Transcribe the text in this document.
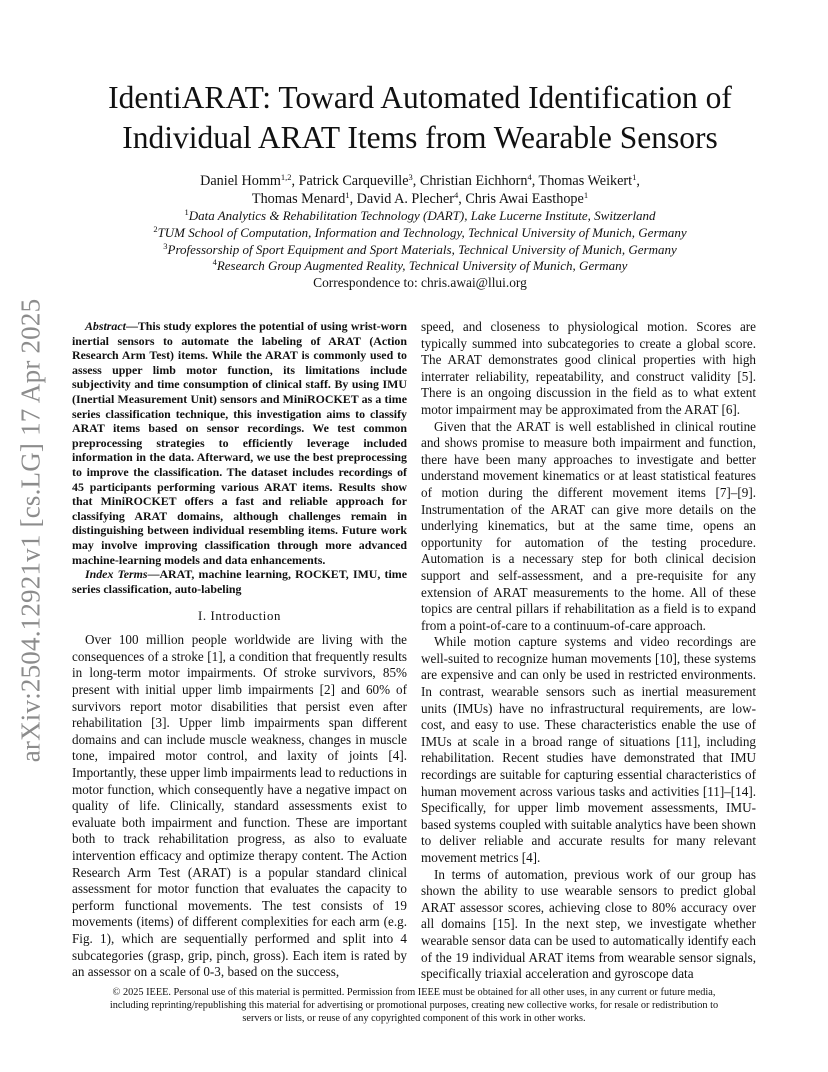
arXiv:2504.12921v1 [cs.LG] 17 Apr 2025
IdentiARAT: Toward Automated Identification of
Individual ARAT Items from Wearable Sensors
Daniel Homm$^{1,2}$, Patrick Carqueville$^3$, Christian Eichhorn$^4$, Thomas Weikert$^1$,
Thomas Menard$^1$, David A. Plecher$^4$, Chris Awai Easthope$^1$
$^1$Data Analytics & Rehabilitation Technology (DART), Lake Lucerne Institute, Switzerland
$^2$TUM School of Computation, Information and Technology, Technical University of Munich, Germany
$^3$Professorship of Sport Equipment and Sport Materials, Technical University of Munich, Germany
$^4$Research Group Augmented Reality, Technical University of Munich, Germany
Correspondence to: chris.awai@llui.org

Abstract—This study explores the potential of using wrist-worn inertial sensors to automate the labeling of ARAT (Action Research Arm Test) items. While the ARAT is commonly used to assess upper limb motor function, its limitations include subjectivity and time consumption of clinical staff. By using IMU (Inertial Measurement Unit) sensors and MiniROCKET as a time series classification technique, this investigation aims to classify ARAT items based on sensor recordings. We test common preprocessing strategies to efficiently leverage included information in the data. Afterward, we use the best preprocessing to improve the classification. The dataset includes recordings of 45 participants performing various ARAT items. Results show that MiniROCKET offers a fast and reliable approach for classifying ARAT domains, although challenges remain in distinguishing between individual resembling items. Future work may involve improving classification through more advanced machine-learning models and data enhancements.

Index Terms—ARAT, machine learning, ROCKET, IMU, time series classification, auto-labeling

I. Introduction

Over 100 million people worldwide are living with the consequences of a stroke [1], a condition that frequently results in long-term motor impairments. Of stroke survivors, 85% present with initial upper limb impairments [2] and 60% of survivors report motor disabilities that persist even after rehabilitation [3]. Upper limb impairments span different domains and can include muscle weakness, changes in muscle tone, impaired motor control, and laxity of joints [4]. Importantly, these upper limb impairments lead to reductions in motor function, which consequently have a negative impact on quality of life. Clinically, standard assessments exist to evaluate both impairment and function. These are important both to track rehabilitation progress, as also to evaluate intervention efficacy and optimize therapy content. The Action Research Arm Test (ARAT) is a popular standard clinical assessment for motor function that evaluates the capacity to perform functional movements. The test consists of 19 movements (items) of different complexities for each arm (e.g. Fig. 1), which are sequentially performed and split into 4 subcategories (grasp, grip, pinch, gross). Each item is rated by an assessor on a scale of 0-3, based on the success,

speed, and closeness to physiological motion. Scores are typically summed into subcategories to create a global score. The ARAT demonstrates good clinical properties with high interrater reliability, repeatability, and construct validity [5]. There is an ongoing discussion in the field as to what extent motor impairment may be approximated from the ARAT [6].

Given that the ARAT is well established in clinical routine and shows promise to measure both impairment and function, there have been many approaches to investigate and better understand movement kinematics or at least statistical features of motion during the different movement items [7]–[9]. Instrumentation of the ARAT can give more details on the underlying kinematics, but at the same time, opens an opportunity for automation of the testing procedure. Automation is a necessary step for both clinical decision support and self-assessment, and a pre-requisite for any extension of ARAT measurements to the home. All of these topics are central pillars if rehabilitation as a field is to expand from a point-of-care to a continuum-of-care approach.

While motion capture systems and video recordings are well-suited to recognize human movements [10], these systems are expensive and can only be used in restricted environments. In contrast, wearable sensors such as inertial measurement units (IMUs) have no infrastructural requirements, are low-cost, and easy to use. These characteristics enable the use of IMUs at scale in a broad range of situations [11], including rehabilitation. Recent studies have demonstrated that IMU recordings are suitable for capturing essential characteristics of human movement across various tasks and activities [11]–[14]. Specifically, for upper limb movement assessments, IMU-based systems coupled with suitable analytics have been shown to deliver reliable and accurate results for many relevant movement metrics [4].

In terms of automation, previous work of our group has shown the ability to use wearable sensors to predict global ARAT assessor scores, achieving close to 80% accuracy over all domains [15]. In the next step, we investigate whether wearable sensor data can be used to automatically identify each of the 19 individual ARAT items from wearable sensor signals, specifically triaxial acceleration and gyroscope data

© 2025 IEEE. Personal use of this material is permitted. Permission from IEEE must be obtained for all other uses, in any current or future media,
including reprinting/republishing this material for advertising or promotional purposes, creating new collective works, for resale or redistribution to
servers or lists, or reuse of any copyrighted component of this work in other works.
